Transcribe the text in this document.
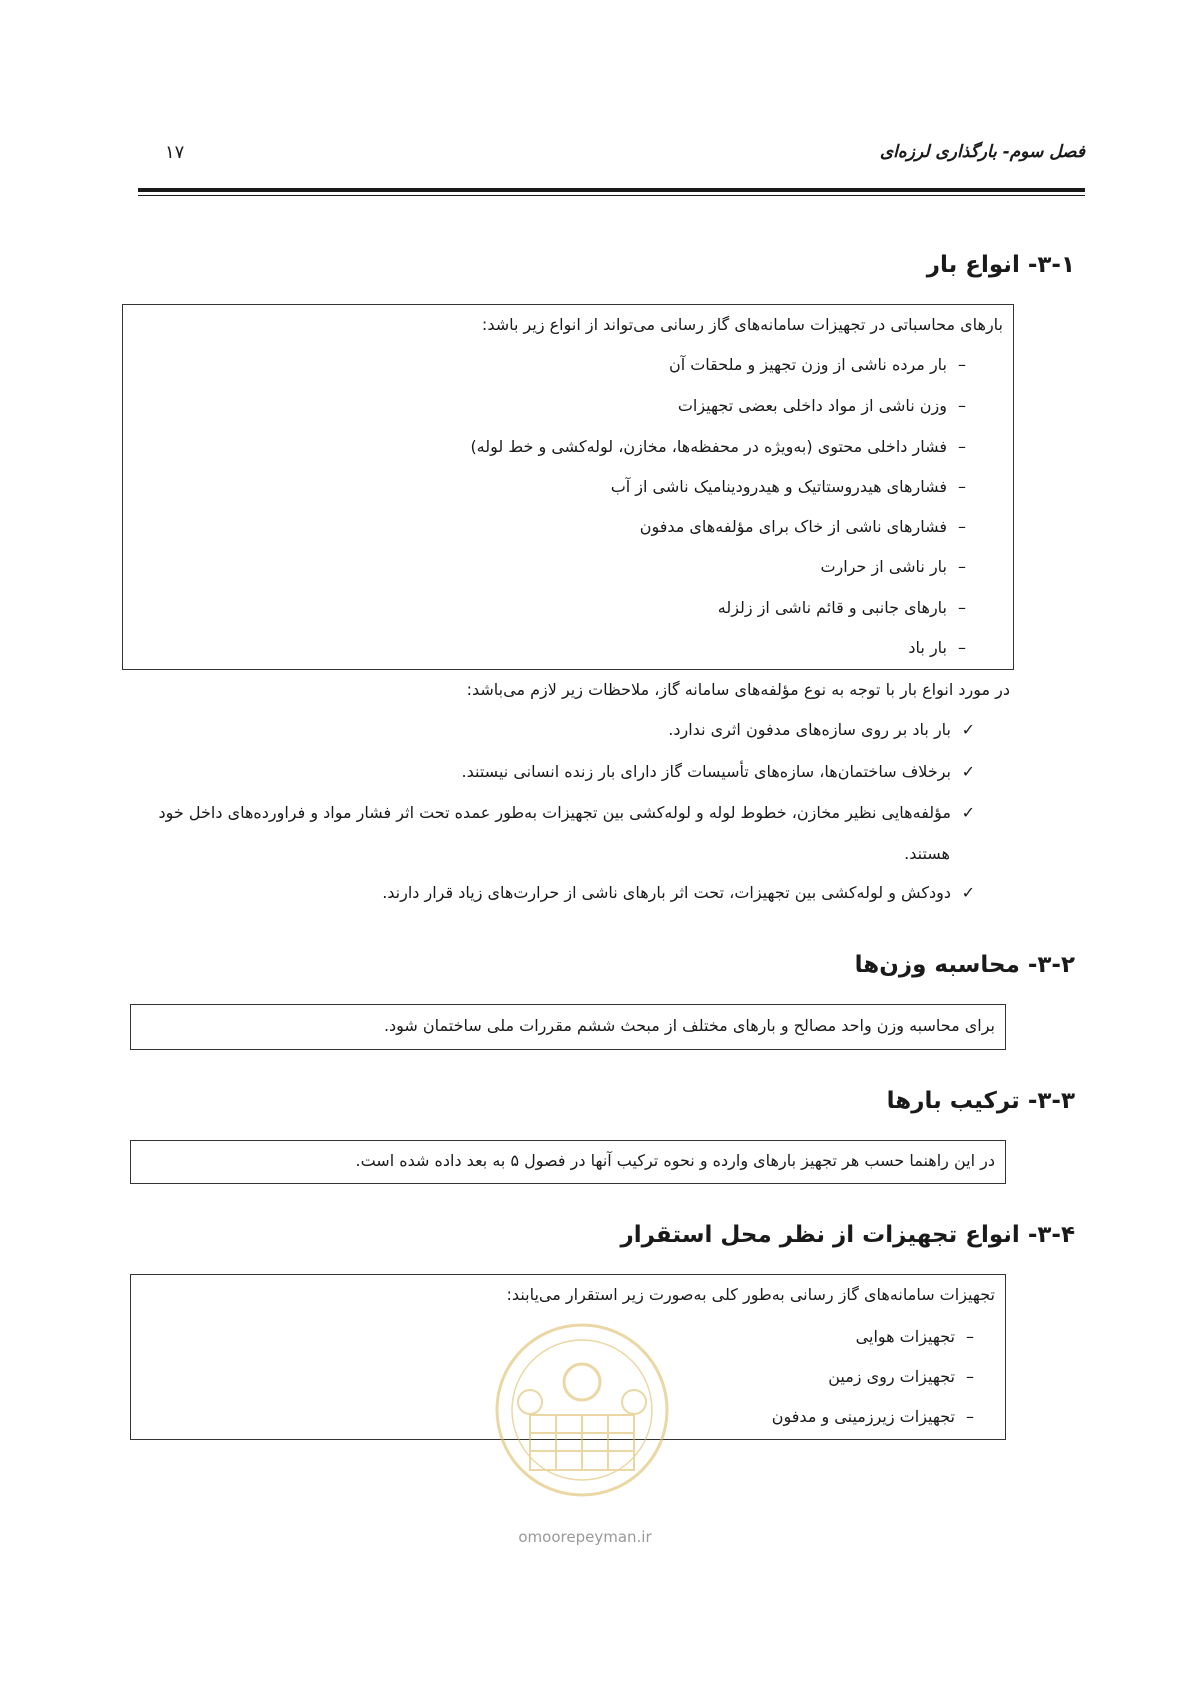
فصل سوم- بارگذاری لرزه‌ای
۱۷
۳-۱- انواع بار
بارهای محاسباتی در تجهیزات سامانه‌های گاز رسانی می‌تواند از انواع زیر باشد:
–بار مرده ناشی از وزن تجهیز و ملحقات آن
–وزن ناشی از مواد داخلی بعضی تجهیزات
–فشار داخلی محتوی (به‌ویژه در محفظه‌ها، مخازن، لوله‌کشی و خط لوله)
–فشارهای هیدروستاتیک و هیدرودینامیک ناشی از آب
–فشارهای ناشی از خاک برای مؤلفه‌های مدفون
–بار ناشی از حرارت
–بارهای جانبی و قائم ناشی از زلزله
–بار باد
در مورد انواع بار با توجه به نوع مؤلفه‌های سامانه گاز، ملاحظات زیر لازم می‌باشد:
✓بار باد بر روی سازه‌های مدفون اثری ندارد.
✓برخلاف ساختمان‌ها، سازه‌های تأسیسات گاز دارای بار زنده انسانی نیستند.
✓مؤلفه‌هایی نظیر مخازن، خطوط لوله و لوله‌کشی بین تجهیزات به‌طور عمده تحت اثر فشار مواد و فراورده‌های داخل خود
هستند.
✓دودکش و لوله‌کشی بین تجهیزات، تحت اثر بارهای ناشی از حرارت‌های زیاد قرار دارند.
۳-۲- محاسبه وزن‌ها
برای محاسبه وزن واحد مصالح و بارهای مختلف از مبحث ششم مقررات ملی ساختمان شود.
۳-۳- ترکیب بارها
در این راهنما حسب هر تجهیز بارهای وارده و نحوه ترکیب آنها در فصول ۵ به بعد داده شده است.
۳-۴- انواع تجهیزات از نظر محل استقرار
تجهیزات سامانه‌های گاز رسانی به‌طور کلی به‌صورت زیر استقرار می‌یابند:
–تجهیزات هوایی
–تجهیزات روی زمین
–تجهیزات زیرزمینی و مدفون
omoorepeyman.ir
